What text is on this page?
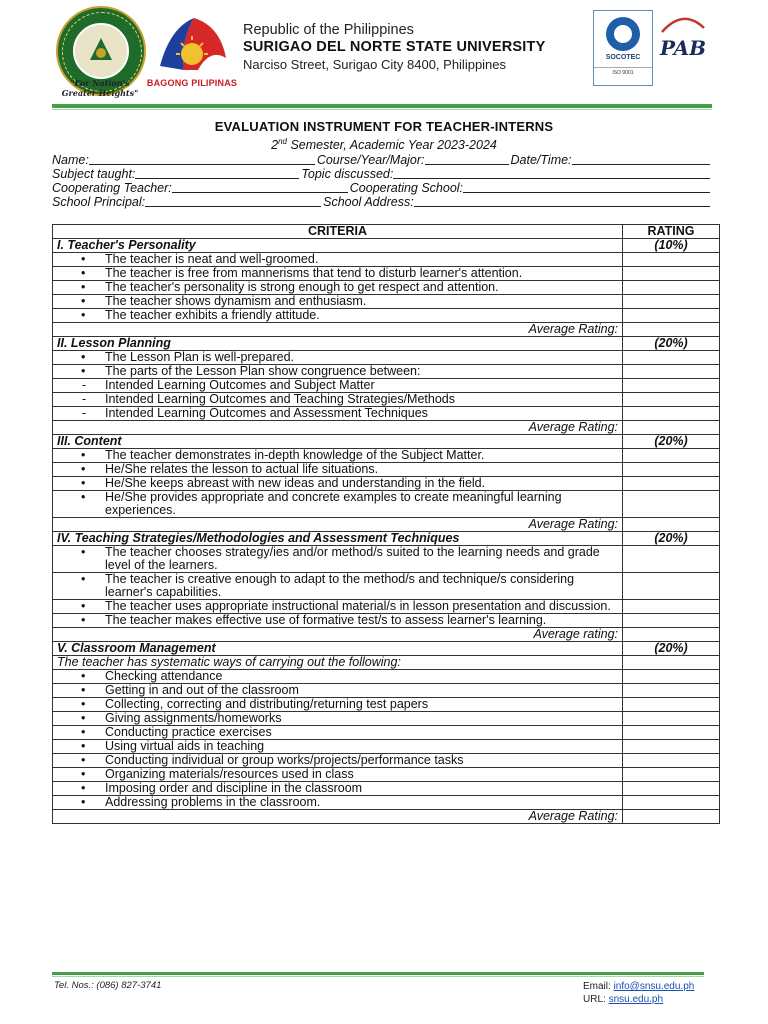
"For Nation's Greater Heights"
BAGONG PILIPINAS
Republic of the Philippines
SURIGAO DEL NORTE STATE UNIVERSITY
Narciso Street, Surigao City 8400, Philippines	SOCOTEC
ISO 9001
PAB

EVALUATION INSTRUMENT FOR TEACHER-INTERNS
2nd Semester, Academic Year 2023-2024
Name:	Course/Year/Major:	Date/Time:
Subject taught:	Topic discussed:
Cooperating Teacher:	Cooperating School:
School Principal:	School Address:
CRITERIA	RATING
I. Teacher's Personality	(10%)
• The teacher is neat and well-groomed.	
• The teacher is free from mannerisms that tend to disturb learner's attention.	
• The teacher's personality is strong enough to get respect and attention.	
• The teacher shows dynamism and enthusiasm.	
• The teacher exhibits a friendly attitude.	
Average Rating:	
II. Lesson Planning	(20%)
• The Lesson Plan is well-prepared.	
• The parts of the Lesson Plan show congruence between:	
- Intended Learning Outcomes and Subject Matter	
- Intended Learning Outcomes and Teaching Strategies/Methods	
- Intended Learning Outcomes and Assessment Techniques	
Average Rating:	
III. Content	(20%)
• The teacher demonstrates in-depth knowledge of the Subject Matter.	
• He/She relates the lesson to actual life situations.	
• He/She keeps abreast with new ideas and understanding in the field.	
• He/She provides appropriate and concrete examples to create meaningful learning experiences.	
Average Rating:	
IV. Teaching Strategies/Methodologies and Assessment Techniques	(20%)
• The teacher chooses strategy/ies and/or method/s suited to the learning needs and grade level of the learners.	
• The teacher is creative enough to adapt to the method/s and technique/s considering learner's capabilities.	
• The teacher uses appropriate instructional material/s in lesson presentation and discussion.	
• The teacher makes effective use of formative test/s to assess learner's learning.	
Average rating:	
V. Classroom Management	(20%)
The teacher has systematic ways of carrying out the following:	
• Checking attendance	
• Getting in and out of the classroom	
• Collecting, correcting and distributing/returning test papers	
• Giving assignments/homeworks	
• Conducting practice exercises	
• Using virtual aids in teaching	
• Conducting individual or group works/projects/performance tasks	
• Organizing materials/resources used in class	
• Imposing order and discipline in the classroom	
• Addressing problems in the classroom.	
Average Rating:	
Tel. Nos.: (086) 827-3741	Email: info@snsu.edu.ph
URL: snsu.edu.ph
